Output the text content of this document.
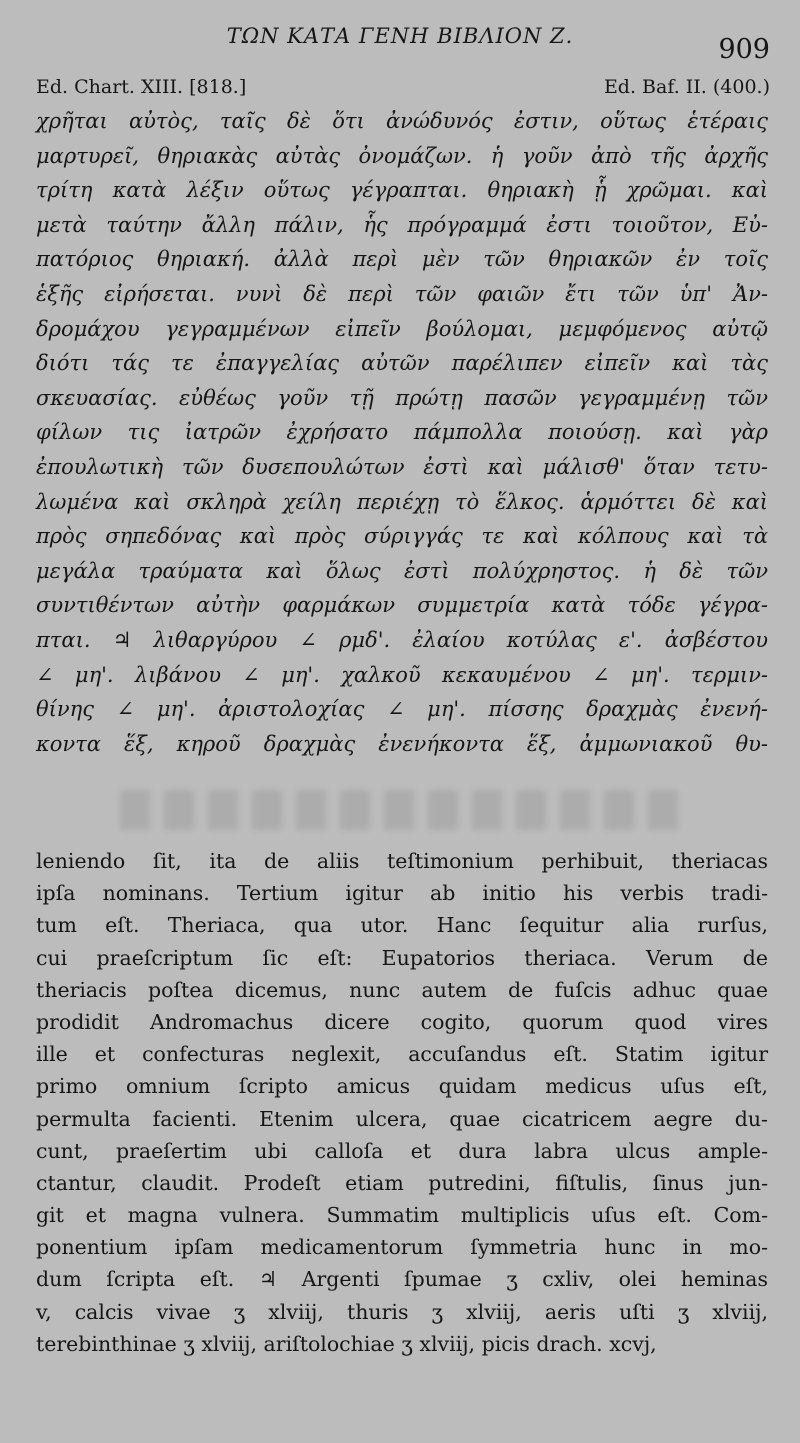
ΤΩΝ ΚΑΤΑ ΓΕΝΗ ΒΙΒΛΙΟΝ Ζ.	909
Ed. Chart. XIII. [818.]	Ed. Baf. II. (400.)
χρῆται αὐτὸς, ταῖς δὲ ὅτι ἀνώδυνός ἐστιν, οὕτως ἑτέραις
μαρτυρεῖ, θηριακὰς αὐτὰς ὀνομάζων. ἡ γοῦν ἀπὸ τῆς ἀρχῆς
τρίτη κατὰ λέξιν οὕτως γέγραπται. θηριακὴ ᾗ χρῶμαι. καὶ
μετὰ ταύτην ἄλλη πάλιν, ἧς πρόγραμμά ἐστι τοιοῦτον, Εὐ-
πατόριος θηριακή. ἀλλὰ περὶ μὲν τῶν θηριακῶν ἐν τοῖς
ἑξῆς εἰρήσεται. νυνὶ δὲ περὶ τῶν φαιῶν ἔτι τῶν ὑπ' Ἀν-
δρομάχου γεγραμμένων εἰπεῖν βούλομαι, μεμφόμενος αὐτῷ
διότι τάς τε ἐπαγγελίας αὐτῶν παρέλιπεν εἰπεῖν καὶ τὰς
σκευασίας. εὐθέως γοῦν τῇ πρώτῃ πασῶν γεγραμμένῃ τῶν
φίλων τις ἰατρῶν ἐχρήσατο πάμπολλα ποιούσῃ. καὶ γὰρ
ἐπουλωτικὴ τῶν δυσεπουλώτων ἐστὶ καὶ μάλισθ' ὅταν τετυ-
λωμένα καὶ σκληρὰ χείλη περιέχῃ τὸ ἕλκος. ἁρμόττει δὲ καὶ
πρὸς σηπεδόνας καὶ πρὸς σύριγγάς τε καὶ κόλπους καὶ τὰ
μεγάλα τραύματα καὶ ὅλως ἐστὶ πολύχρηστος. ἡ δὲ τῶν
συντιθέντων αὐτὴν φαρμάκων συμμετρία κατὰ τόδε γέγρα-
πται. ♃ λιθαργύρου ∠ ρμδ'. ἐλαίου κοτύλας ε'. ἀσβέστου
∠ μη'. λιβάνου ∠ μη'. χαλκοῦ κεκαυμένου ∠ μη'. τερμιν-
θίνης ∠ μη'. ἀριστολοχίας ∠ μη'. πίσσης δραχμὰς ἐνενή-
κοντα ἕξ, κηροῦ δραχμὰς ἐνενήκοντα ἕξ, ἀμμωνιακοῦ θυ-
leniendo ſit, ita de aliis teſtimonium perhibuit, theriacas
ipſa nominans. Tertium igitur ab initio his verbis tradi-
tum eſt. Theriaca, qua utor. Hanc ſequitur alia rurſus,
cui praeſcriptum ſic eſt: Eupatorios theriaca. Verum de
theriacis poſtea dicemus, nunc autem de fuſcis adhuc quae
prodidit Andromachus dicere cogito, quorum quod vires
ille et confecturas neglexit, accuſandus eſt. Statim igitur
primo omnium ſcripto amicus quidam medicus uſus eſt,
permulta facienti. Etenim ulcera, quae cicatricem aegre du-
cunt, praeſertim ubi calloſa et dura labra ulcus ample-
ctantur, claudit. Prodeſt etiam putredini, fiſtulis, ſinus jun-
git et magna vulnera. Summatim multiplicis uſus eſt. Com-
ponentium ipſam medicamentorum ſymmetria hunc in mo-
dum ſcripta eſt. ♃ Argenti ſpumae ʒ cxliv, olei heminas
v, calcis vivae ʒ xlviij, thuris ʒ xlviij, aeris uſti ʒ xlviij,
terebinthinae ʒ xlviij, ariſtolochiae ʒ xlviij, picis drach. xcvj,
